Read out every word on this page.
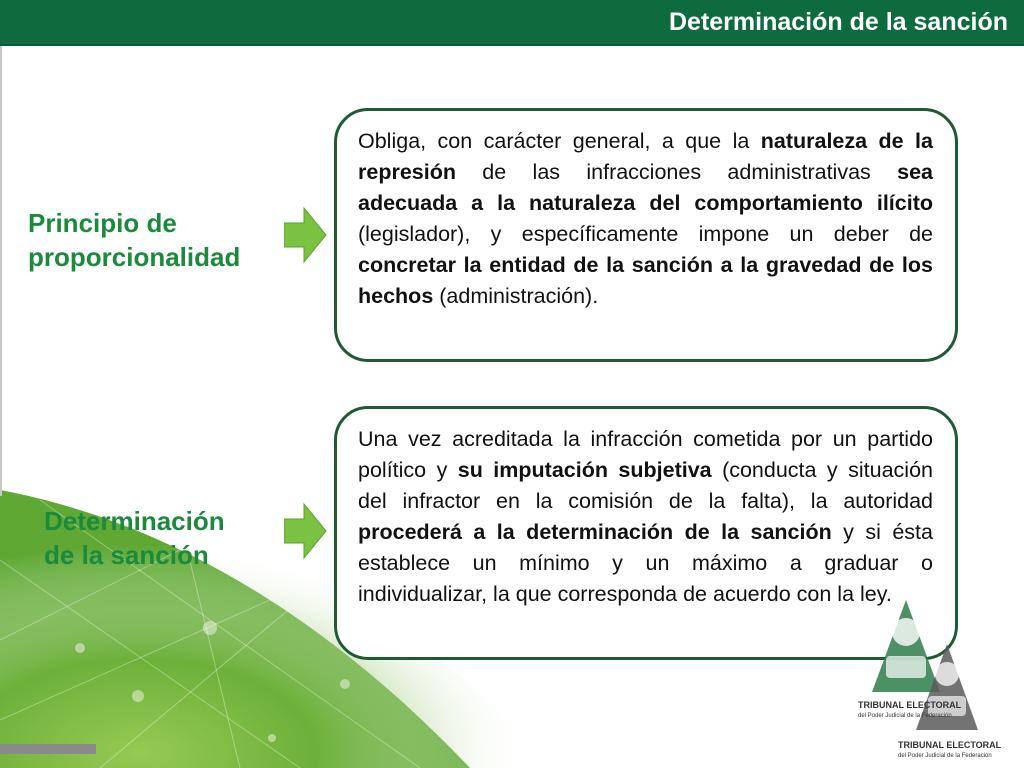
Determinación de la sanción
Principio de
proporcionalidad
Obliga, con carácter general, a que la naturaleza de la represión de las infracciones administrativas sea adecuada a la naturaleza del comportamiento ilícito (legislador), y específicamente impone un deber de concretar la entidad de la sanción a la gravedad de los hechos (administración).
Determinación
de la sanción
Una vez acreditada la infracción cometida por un partido político y su imputación subjetiva (conducta y situación del infractor en la comisión de la falta), la autoridad procederá a la determinación de la sanción y si ésta establece un mínimo y un máximo a graduar o individualizar, la que corresponda de acuerdo con la ley.
TRIBUNAL ELECTORAL
del Poder Judicial de la Federación
TRIBUNAL ELECTORAL
del Poder Judicial de la Federación
